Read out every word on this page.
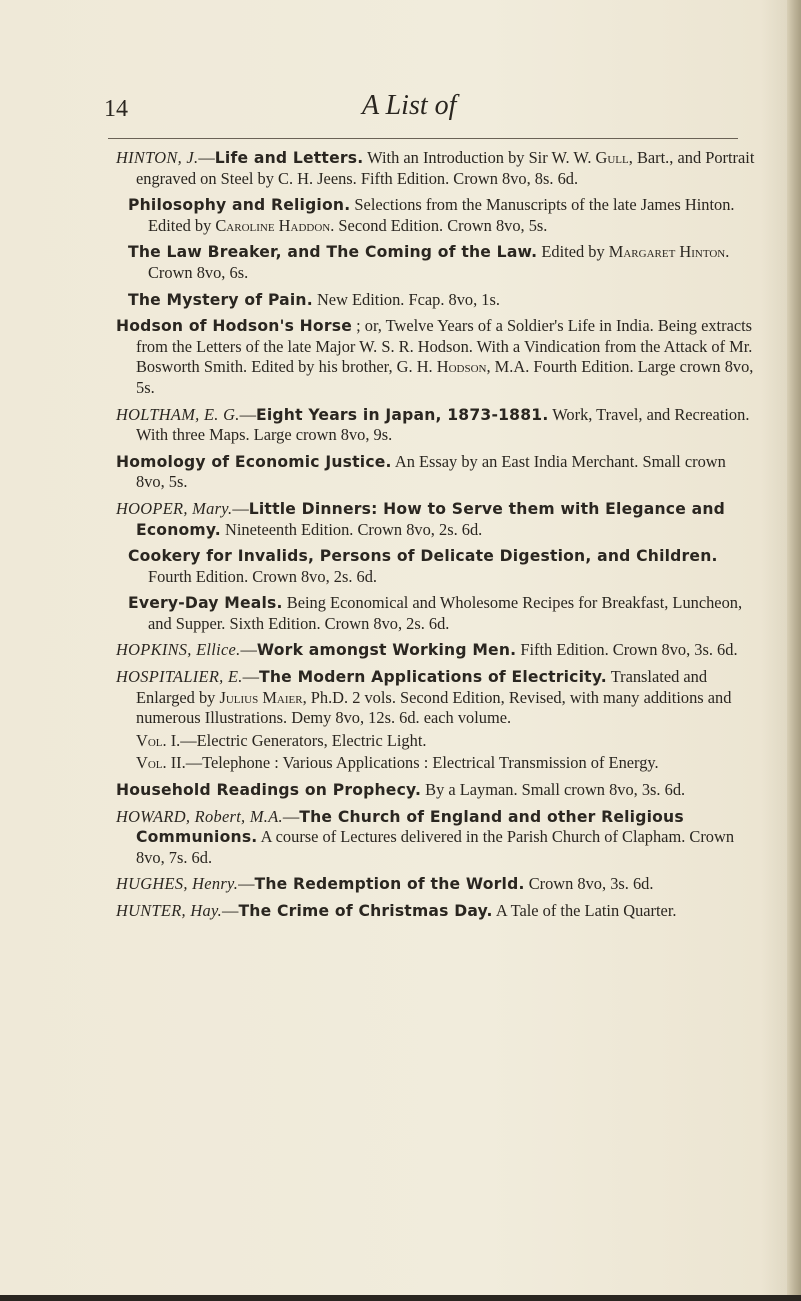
14	A List of

HINTON, J.—Life and Letters. With an Introduction by Sir W. W. Gull, Bart., and Portrait engraved on Steel by C. H. Jeens. Fifth Edition. Crown 8vo, 8s. 6d.

Philosophy and Religion. Selections from the Manuscripts of the late James Hinton. Edited by Caroline Haddon. Second Edition. Crown 8vo, 5s.

The Law Breaker, and The Coming of the Law. Edited by Margaret Hinton. Crown 8vo, 6s.

The Mystery of Pain. New Edition. Fcap. 8vo, 1s.

Hodson of Hodson's Horse ; or, Twelve Years of a Soldier's Life in India. Being extracts from the Letters of the late Major W. S. R. Hodson. With a Vindication from the Attack of Mr. Bosworth Smith. Edited by his brother, G. H. Hodson, M.A. Fourth Edition. Large crown 8vo, 5s.

HOLTHAM, E. G.—Eight Years in Japan, 1873-1881. Work, Travel, and Recreation. With three Maps. Large crown 8vo, 9s.

Homology of Economic Justice. An Essay by an East India Merchant. Small crown 8vo, 5s.

HOOPER, Mary.—Little Dinners: How to Serve them with Elegance and Economy. Nineteenth Edition. Crown 8vo, 2s. 6d.

Cookery for Invalids, Persons of Delicate Digestion, and Children. Fourth Edition. Crown 8vo, 2s. 6d.

Every-Day Meals. Being Economical and Wholesome Recipes for Breakfast, Luncheon, and Supper. Sixth Edition. Crown 8vo, 2s. 6d.

HOPKINS, Ellice.—Work amongst Working Men. Fifth Edition. Crown 8vo, 3s. 6d.

HOSPITALIER, E.—The Modern Applications of Electricity. Translated and Enlarged by Julius Maier, Ph.D. 2 vols. Second Edition, Revised, with many additions and numerous Illustrations. Demy 8vo, 12s. 6d. each volume.

Vol. I.—Electric Generators, Electric Light.

Vol. II.—Telephone : Various Applications : Electrical Transmission of Energy.

Household Readings on Prophecy. By a Layman. Small crown 8vo, 3s. 6d.

HOWARD, Robert, M.A.—The Church of England and other Religious Communions. A course of Lectures delivered in the Parish Church of Clapham. Crown 8vo, 7s. 6d.

HUGHES, Henry.—The Redemption of the World. Crown 8vo, 3s. 6d.

HUNTER, Hay.—The Crime of Christmas Day. A Tale of the Latin Quarter.
